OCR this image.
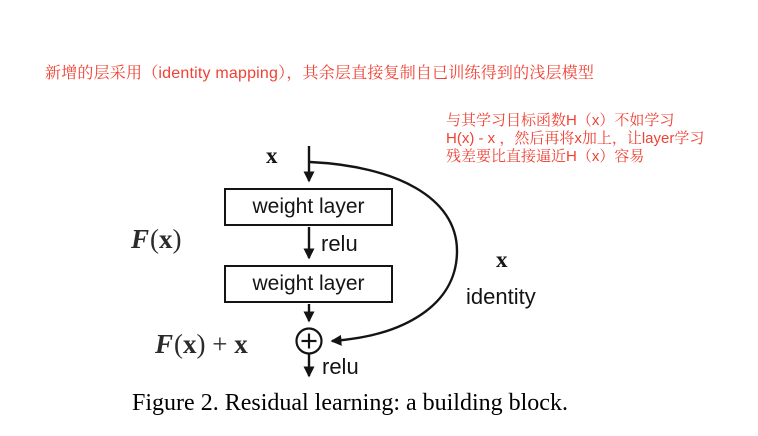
新增的层采用（identity mapping），其余层直接复制自已训练得到的浅层模型
与其学习目标函数H（x）不如学习
H(x) - x ，然后再将x加上，让layer学习
残差要比直接逼近H（x）容易
weight layer
weight layer
x
relu
F(x)
F(x) + x
x
identity
relu
Figure 2. Residual learning: a building block.
